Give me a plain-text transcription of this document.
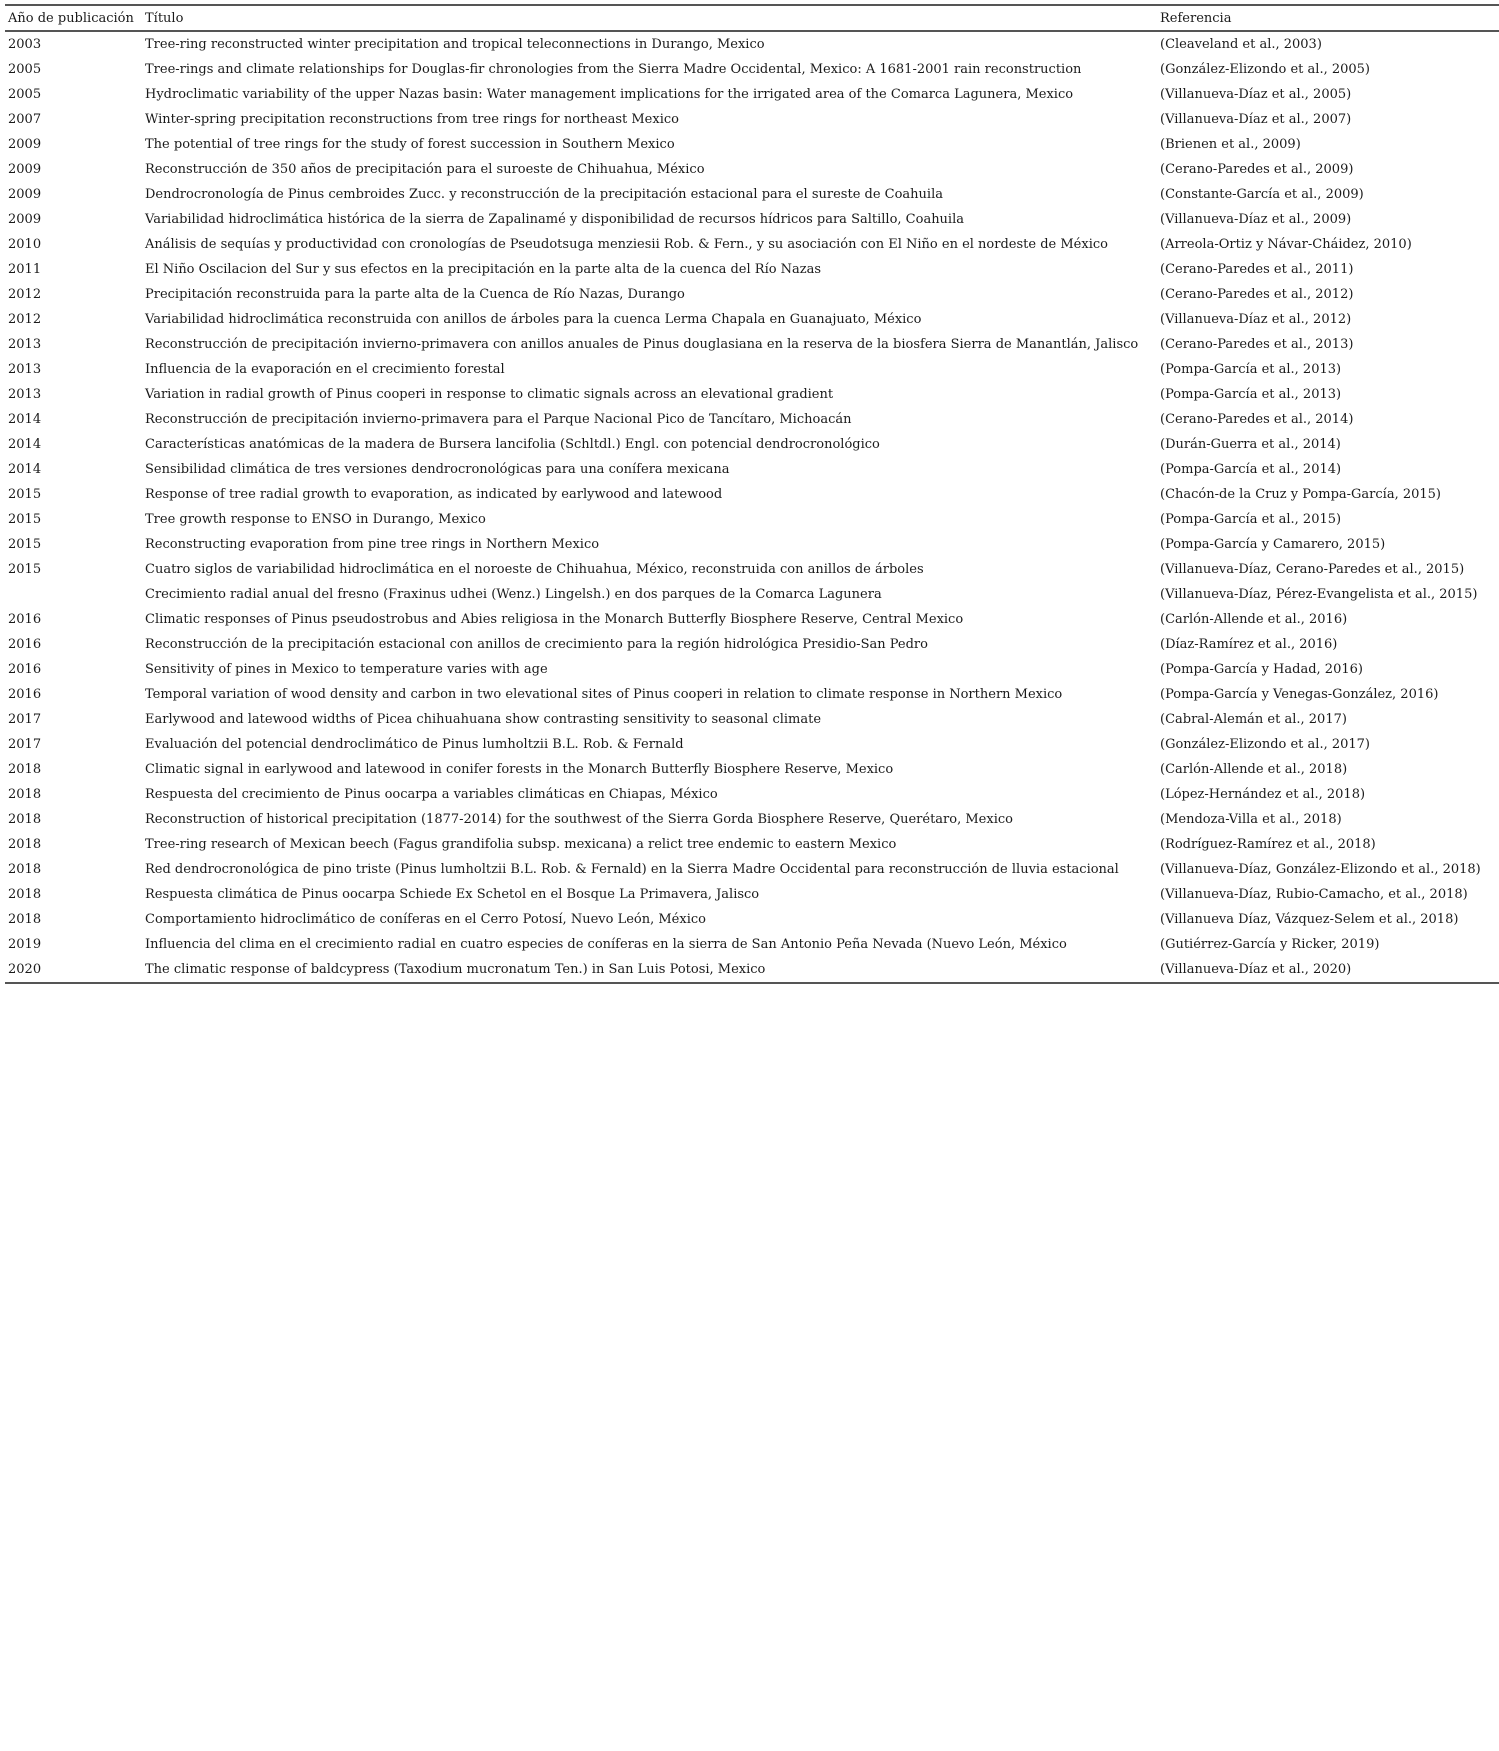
Año de publicación	Título	Referencia
2003	Tree-ring reconstructed winter precipitation and tropical teleconnections in Durango, Mexico	(Cleaveland et al., 2003)
2005	Tree-rings and climate relationships for Douglas-fir chronologies from the Sierra Madre Occidental, Mexico: A 1681-2001 rain reconstruction	(González-Elizondo et al., 2005)
2005	Hydroclimatic variability of the upper Nazas basin: Water management implications for the irrigated area of the Comarca Lagunera, Mexico	(Villanueva-Díaz et al., 2005)
2007	Winter-spring precipitation reconstructions from tree rings for northeast Mexico	(Villanueva-Díaz et al., 2007)
2009	The potential of tree rings for the study of forest succession in Southern Mexico	(Brienen et al., 2009)
2009	Reconstrucción de 350 años de precipitación para el suroeste de Chihuahua, México	(Cerano-Paredes et al., 2009)
2009	Dendrocronología de Pinus cembroides Zucc. y reconstrucción de la precipitación estacional para el sureste de Coahuila	(Constante-García et al., 2009)
2009	Variabilidad hidroclimática histórica de la sierra de Zapalinamé y disponibilidad de recursos hídricos para Saltillo, Coahuila	(Villanueva-Díaz et al., 2009)
2010	Análisis de sequías y productividad con cronologías de Pseudotsuga menziesii Rob. & Fern., y su asociación con El Niño en el nordeste de México	(Arreola-Ortiz y Návar-Cháidez, 2010)
2011	El Niño Oscilacion del Sur y sus efectos en la precipitación en la parte alta de la cuenca del Río Nazas	(Cerano-Paredes et al., 2011)
2012	Precipitación reconstruida para la parte alta de la Cuenca de Río Nazas, Durango	(Cerano-Paredes et al., 2012)
2012	Variabilidad hidroclimática reconstruida con anillos de árboles para la cuenca Lerma Chapala en Guanajuato, México	(Villanueva-Díaz et al., 2012)
2013	Reconstrucción de precipitación invierno-primavera con anillos anuales de Pinus douglasiana en la reserva de la biosfera Sierra de Manantlán, Jalisco	(Cerano-Paredes et al., 2013)
2013	Influencia de la evaporación en el crecimiento forestal	(Pompa-García et al., 2013)
2013	Variation in radial growth of Pinus cooperi in response to climatic signals across an elevational gradient	(Pompa-García et al., 2013)
2014	Reconstrucción de precipitación invierno-primavera para el Parque Nacional Pico de Tancítaro, Michoacán	(Cerano-Paredes et al., 2014)
2014	Características anatómicas de la madera de Bursera lancifolia (Schltdl.) Engl. con potencial dendrocronológico	(Durán-Guerra et al., 2014)
2014	Sensibilidad climática de tres versiones dendrocronológicas para una conífera mexicana	(Pompa-García et al., 2014)
2015	Response of tree radial growth to evaporation, as indicated by earlywood and latewood	(Chacón-de la Cruz y Pompa-García, 2015)
2015	Tree growth response to ENSO in Durango, Mexico	(Pompa-García et al., 2015)
2015	Reconstructing evaporation from pine tree rings in Northern Mexico	(Pompa-García y Camarero, 2015)
2015	Cuatro siglos de variabilidad hidroclimática en el noroeste de Chihuahua, México, reconstruida con anillos de árboles	(Villanueva-Díaz, Cerano-Paredes et al., 2015)
	Crecimiento radial anual del fresno (Fraxinus udhei (Wenz.) Lingelsh.) en dos parques de la Comarca Lagunera	(Villanueva-Díaz, Pérez-Evangelista et al., 2015)
2016	Climatic responses of Pinus pseudostrobus and Abies religiosa in the Monarch Butterfly Biosphere Reserve, Central Mexico	(Carlón-Allende et al., 2016)
2016	Reconstrucción de la precipitación estacional con anillos de crecimiento para la región hidrológica Presidio-San Pedro	(Díaz-Ramírez et al., 2016)
2016	Sensitivity of pines in Mexico to temperature varies with age	(Pompa-García y Hadad, 2016)
2016	Temporal variation of wood density and carbon in two elevational sites of Pinus cooperi in relation to climate response in Northern Mexico	(Pompa-García y Venegas-González, 2016)
2017	Earlywood and latewood widths of Picea chihuahuana show contrasting sensitivity to seasonal climate	(Cabral-Alemán et al., 2017)
2017	Evaluación del potencial dendroclimático de Pinus lumholtzii B.L. Rob. & Fernald	(González-Elizondo et al., 2017)
2018	Climatic signal in earlywood and latewood in conifer forests in the Monarch Butterfly Biosphere Reserve, Mexico	(Carlón-Allende et al., 2018)
2018	Respuesta del crecimiento de Pinus oocarpa a variables climáticas en Chiapas, México	(López-Hernández et al., 2018)
2018	Reconstruction of historical precipitation (1877-2014) for the southwest of the Sierra Gorda Biosphere Reserve, Querétaro, Mexico	(Mendoza-Villa et al., 2018)
2018	Tree-ring research of Mexican beech (Fagus grandifolia subsp. mexicana) a relict tree endemic to eastern Mexico	(Rodríguez-Ramírez et al., 2018)
2018	Red dendrocronológica de pino triste (Pinus lumholtzii B.L. Rob. & Fernald) en la Sierra Madre Occidental para reconstrucción de lluvia estacional	(Villanueva-Díaz, González-Elizondo et al., 2018)
2018	Respuesta climática de Pinus oocarpa Schiede Ex Schetol en el Bosque La Primavera, Jalisco	(Villanueva-Díaz, Rubio-Camacho, et al., 2018)
2018	Comportamiento hidroclimático de coníferas en el Cerro Potosí, Nuevo León, México	(Villanueva Díaz, Vázquez-Selem et al., 2018)
2019	Influencia del clima en el crecimiento radial en cuatro especies de coníferas en la sierra de San Antonio Peña Nevada (Nuevo León, México	(Gutiérrez-García y Ricker, 2019)
2020	The climatic response of baldcypress (Taxodium mucronatum Ten.) in San Luis Potosi, Mexico	(Villanueva-Díaz et al., 2020)
